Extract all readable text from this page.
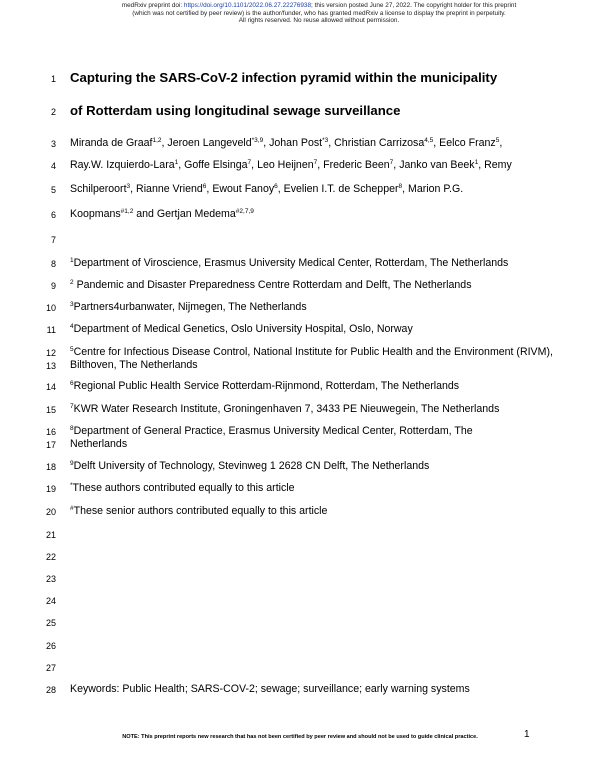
medRxiv preprint doi: https://doi.org/10.1101/2022.06.27.22276938; this version posted June 27, 2022. The copyright holder for this preprint
(which was not certified by peer review) is the author/funder, who has granted medRxiv a license to display the preprint in perpetuity.
All rights reserved. No reuse allowed without permission.
1
2
3
4
5
6
7
8
9
10
11
12
13
14
15
16
17
18
19
20
21
22
23
24
25
26
27
28
Capturing the SARS-CoV-2 infection pyramid within the municipality
of Rotterdam using longitudinal sewage surveillance
Miranda de Graaf$^{1,2}$, Jeroen Langeveld$^{*3,9}$, Johan Post$^{*3}$, Christian Carrizosa$^{4,5}$, Eelco Franz$^5$,
Ray.W. Izquierdo-Lara$^1$, Goffe Elsinga$^7$, Leo Heijnen$^7$, Frederic Been$^7$, Janko van Beek$^1$, Remy
Schilperoort$^3$, Rianne Vriend$^6$, Ewout Fanoy$^6$, Evelien I.T. de Schepper$^8$, Marion P.G.
Koopmans$^{\#1,2}$ and Gertjan Medema$^{\#2,7,9}$
$^1$Department of Viroscience, Erasmus University Medical Center, Rotterdam, The Netherlands
$^2$ Pandemic and Disaster Preparedness Centre Rotterdam and Delft, The Netherlands
$^3$Partners4urbanwater, Nijmegen, The Netherlands
$^4$Department of Medical Genetics, Oslo University Hospital, Oslo, Norway
$^5$Centre for Infectious Disease Control, National Institute for Public Health and the Environment (RIVM), Bilthoven, The Netherlands
$^6$Regional Public Health Service Rotterdam-Rijnmond, Rotterdam, The Netherlands
$^7$KWR Water Research Institute, Groningenhaven 7, 3433 PE Nieuwegein, The Netherlands
$^8$Department of General Practice, Erasmus University Medical Center, Rotterdam, The Netherlands
$^9$Delft University of Technology, Stevinweg 1 2628 CN Delft, The Netherlands
*These authors contributed equally to this article
#These senior authors contributed equally to this article
Keywords: Public Health; SARS-COV-2; sewage; surveillance; early warning systems
NOTE: This preprint reports new research that has not been certified by peer review and should not be used to guide clinical practice.	1
